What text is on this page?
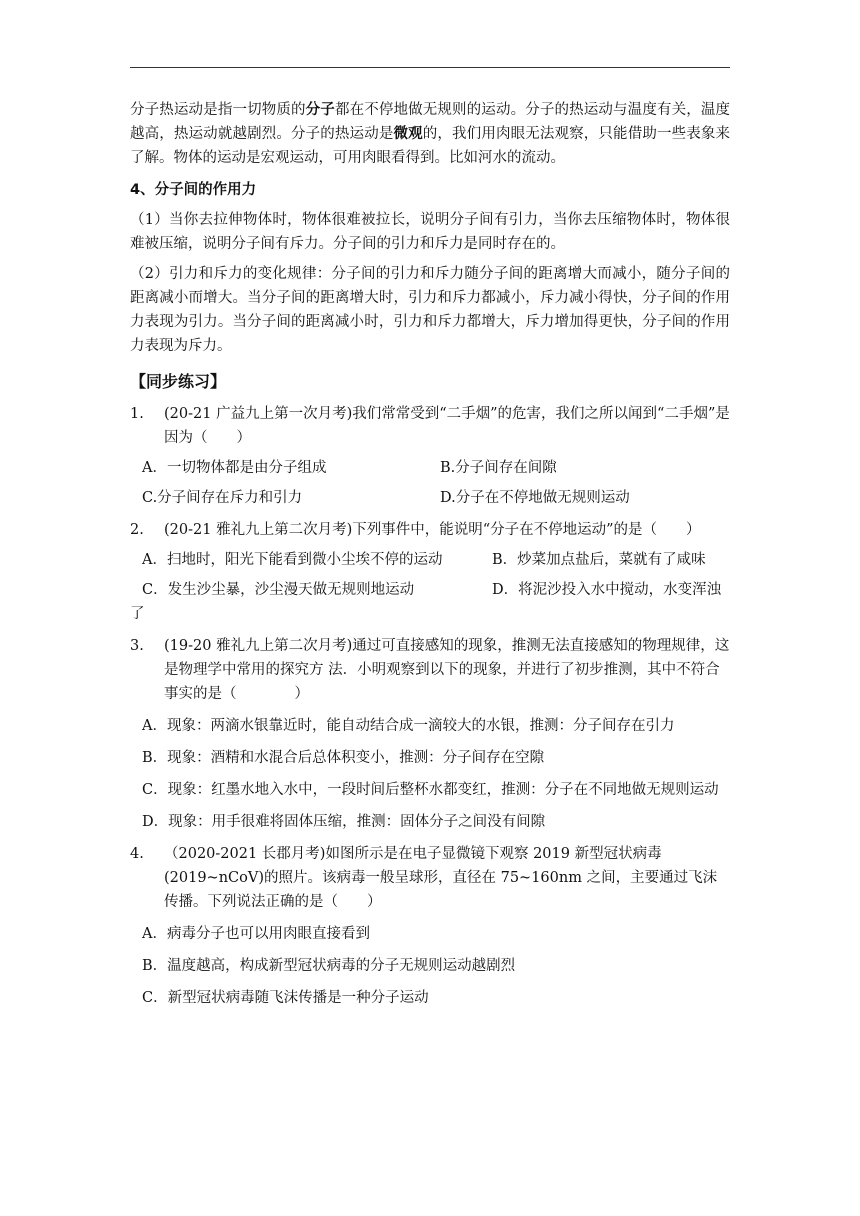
分子热运动是指一切物质的分子都在不停地做无规则的运动。分子的热运动与温度有关，温度越高，热运动就越剧烈。分子的热运动是微观的，我们用肉眼无法观察，只能借助一些表象来了解。物体的运动是宏观运动，可用肉眼看得到。比如河水的流动。

4、分子间的作用力

（1）当你去拉伸物体时，物体很难被拉长，说明分子间有引力，当你去压缩物体时，物体很难被压缩，说明分子间有斥力。分子间的引力和斥力是同时存在的。

（2）引力和斥力的变化规律：分子间的引力和斥力随分子间的距离增大而减小，随分子间的距离减小而增大。当分子间的距离增大时，引力和斥力都减小，斥力减小得快，分子间的作用力表现为引力。当分子间的距离减小时，引力和斥力都增大，斥力增加得更快，分子间的作用力表现为斥力。

【同步练习】

1.	(20-21 广益九上第一次月考)我们常常受到“二手烟”的危害，我们之所以闻到“二手烟”是因为（　　）

A．一切物体都是由分子组成	B.分子间存在间隙
C.分子间存在斥力和引力	D.分子在不停地做无规则运动
2.	(20-21 雅礼九上第二次月考)下列事件中，能说明“分子在不停地运动”的是（　　）

A．扫地时，阳光下能看到微小尘埃不停的运动	B．炒菜加点盐后，菜就有了咸味
C．发生沙尘暴，沙尘漫天做无规则地运动	D．将泥沙投入水中搅动，水变浑浊

了

3.	(19-20 雅礼九上第二次月考)通过可直接感知的现象，推测无法直接感知的物理规律，这是物理学中常用的探究方 法．小明观察到以下的现象，并进行了初步推测，其中不符合事实的是（　　　　）

A．现象：两滴水银靠近时，能自动结合成一滴较大的水银，推测：分子间存在引力

B．现象：酒精和水混合后总体积变小，推测：分子间存在空隙

C．现象：红墨水地入水中，一段时间后整杯水都变红，推测：分子在不同地做无规则运动

D．现象：用手很难将固体压缩，推测：固体分子之间没有间隙

4.	（2020-2021 长郡月考)如图所示是在电子显微镜下观察 2019 新型冠状病毒(2019~nCoV)的照片。该病毒一般呈球形，直径在 75~160nm 之间，主要通过飞沫传播。下列说法正确的是（　　）

A．病毒分子也可以用肉眼直接看到

B．温度越高，构成新型冠状病毒的分子无规则运动越剧烈

C．新型冠状病毒随飞沫传播是一种分子运动
